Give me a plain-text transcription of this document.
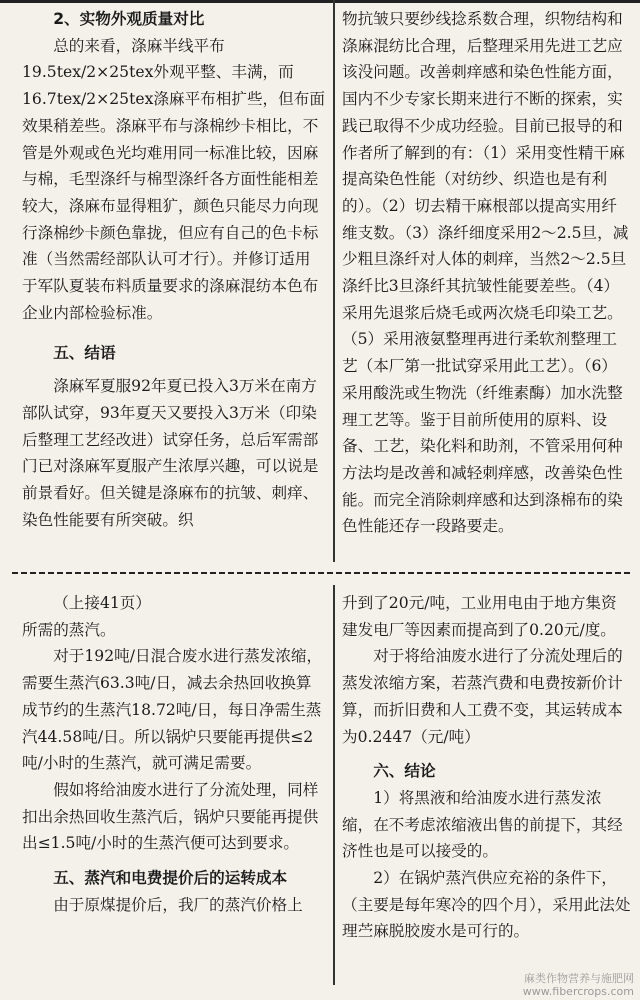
2、实物外观质量对比

总的来看，涤麻半线平布19.5tex/2×25tex外观平整、丰满，而16.7tex/2×25tex涤麻平布相扩些，但布面效果稍差些。涤麻平布与涤棉纱卡相比，不管是外观或色光均难用同一标准比较，因麻与棉，毛型涤纤与棉型涤纤各方面性能相差较大，涤麻布显得粗犷，颜色只能尽力向现行涤棉纱卡颜色靠拢，但应有自己的色卡标准（当然需经部队认可才行）。并修订适用于军队夏装布料质量要求的涤麻混纺本色布企业内部检验标准。

五、结语

涤麻军夏服92年夏已投入3万米在南方部队试穿，93年夏天又要投入3万米（印染后整理工艺经改进）试穿任务，总后军需部门已对涤麻军夏服产生浓厚兴趣，可以说是前景看好。但关键是涤麻布的抗皱、刺痒、染色性能要有所突破。织

物抗皱只要纱线捻系数合理，织物结构和涤麻混纺比合理，后整理采用先进工艺应该没问题。改善刺痒感和染色性能方面，国内不少专家长期来进行不断的探索，实践已取得不少成功经验。目前已报导的和作者所了解到的有：（1）采用变性精干麻提高染色性能（对纺纱、织造也是有利的）。（2）切去精干麻根部以提高实用纤维支数。（3）涤纤细度采用2～2.5旦，减少粗旦涤纤对人体的刺痒，当然2～2.5旦涤纤比3旦涤纤其抗皱性能要差些。（4）采用先退浆后烧毛或两次烧毛印染工艺。（5）采用液氨整理再进行柔软剂整理工艺（本厂第一批试穿采用此工艺）。（6）采用酸洗或生物洗（纤维素酶）加水洗整理工艺等。鉴于目前所使用的原料、设备、工艺，染化料和助剂，不管采用何种方法均是改善和减轻刺痒感，改善染色性能。而完全消除刺痒感和达到涤棉布的染色性能还存一段路要走。

（上接41页）

所需的蒸汽。

对于192吨/日混合废水进行蒸发浓缩，需要生蒸汽63.3吨/日，减去余热回收换算成节约的生蒸汽18.72吨/日，每日净需生蒸汽44.58吨/日。所以锅炉只要能再提供≤2吨/小时的生蒸汽，就可满足需要。

假如将给油废水进行了分流处理，同样扣出余热回收生蒸汽后，锅炉只要能再提供出≤1.5吨/小时的生蒸汽便可达到要求。

五、蒸汽和电费提价后的运转成本

由于原煤提价后，我厂的蒸汽价格上

升到了20元/吨，工业用电由于地方集资建发电厂等因素而提高到了0.20元/度。

对于将给油废水进行了分流处理后的蒸发浓缩方案，若蒸汽费和电费按新价计算，而折旧费和人工费不变，其运转成本为0.2447（元/吨）

六、结论

1）将黑液和给油废水进行蒸发浓缩，在不考虑浓缩液出售的前提下，其经济性也是可以接受的。

2）在锅炉蒸汽供应充裕的条件下，（主要是每年寒冷的四个月），采用此法处理苎麻脱胶废水是可行的。

麻类作物营养与施肥网
www.fibercrops.com
